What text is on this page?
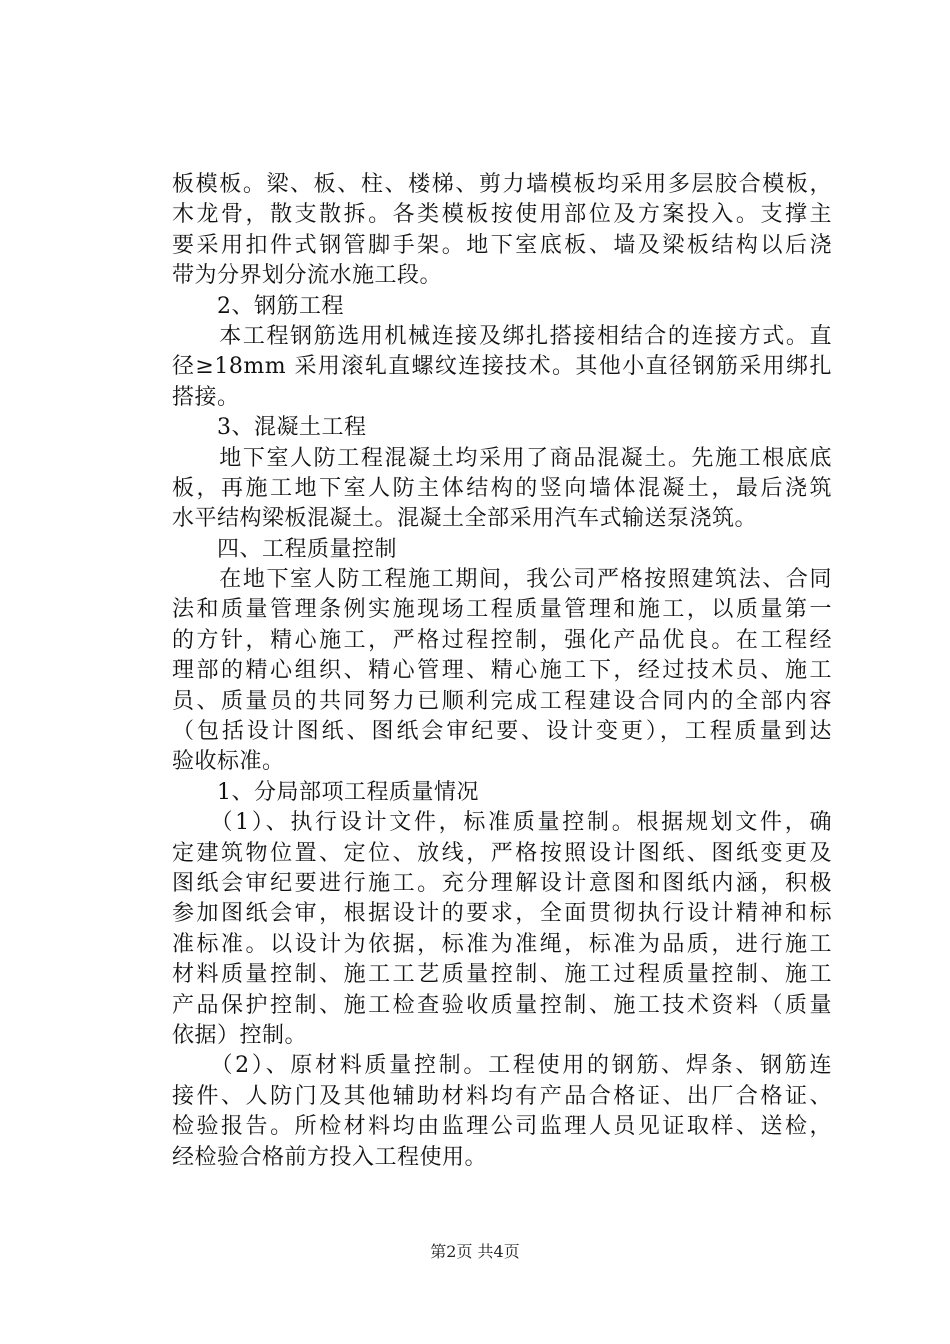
板模板。梁、板、柱、楼梯、剪力墙模板均采用多层胶合模板，
木龙骨，散支散拆。各类模板按使用部位及方案投入。支撑主
要采用扣件式钢管脚手架。地下室底板、墙及梁板结构以后浇
带为分界划分流水施工段。
　　2、钢筋工程
　　本工程钢筋选用机械连接及绑扎搭接相结合的连接方式。直
径≥18mm 采用滚轧直螺纹连接技术。其他小直径钢筋采用绑扎
搭接。
　　3、混凝土工程
　　地下室人防工程混凝土均采用了商品混凝土。先施工根底底
板，再施工地下室人防主体结构的竖向墙体混凝土，最后浇筑
水平结构梁板混凝土。混凝土全部采用汽车式输送泵浇筑。
　　四、工程质量控制
　　在地下室人防工程施工期间，我公司严格按照建筑法、合同
法和质量管理条例实施现场工程质量管理和施工，以质量第一
的方针，精心施工，严格过程控制，强化产品优良。在工程经
理部的精心组织、精心管理、精心施工下，经过技术员、施工
员、质量员的共同努力已顺利完成工程建设合同内的全部内容
（包括设计图纸、图纸会审纪要、设计变更），工程质量到达
验收标准。
　　1、分局部项工程质量情况
　　（1）、执行设计文件，标准质量控制。根据规划文件，确
定建筑物位置、定位、放线，严格按照设计图纸、图纸变更及
图纸会审纪要进行施工。充分理解设计意图和图纸内涵，积极
参加图纸会审，根据设计的要求，全面贯彻执行设计精神和标
准标准。以设计为依据，标准为准绳，标准为品质，进行施工
材料质量控制、施工工艺质量控制、施工过程质量控制、施工
产品保护控制、施工检查验收质量控制、施工技术资料（质量
依据）控制。
　　（2）、原材料质量控制。工程使用的钢筋、焊条、钢筋连
接件、人防门及其他辅助材料均有产品合格证、出厂合格证、
检验报告。所检材料均由监理公司监理人员见证取样、送检，
经检验合格前方投入工程使用。
第2页 共4页
